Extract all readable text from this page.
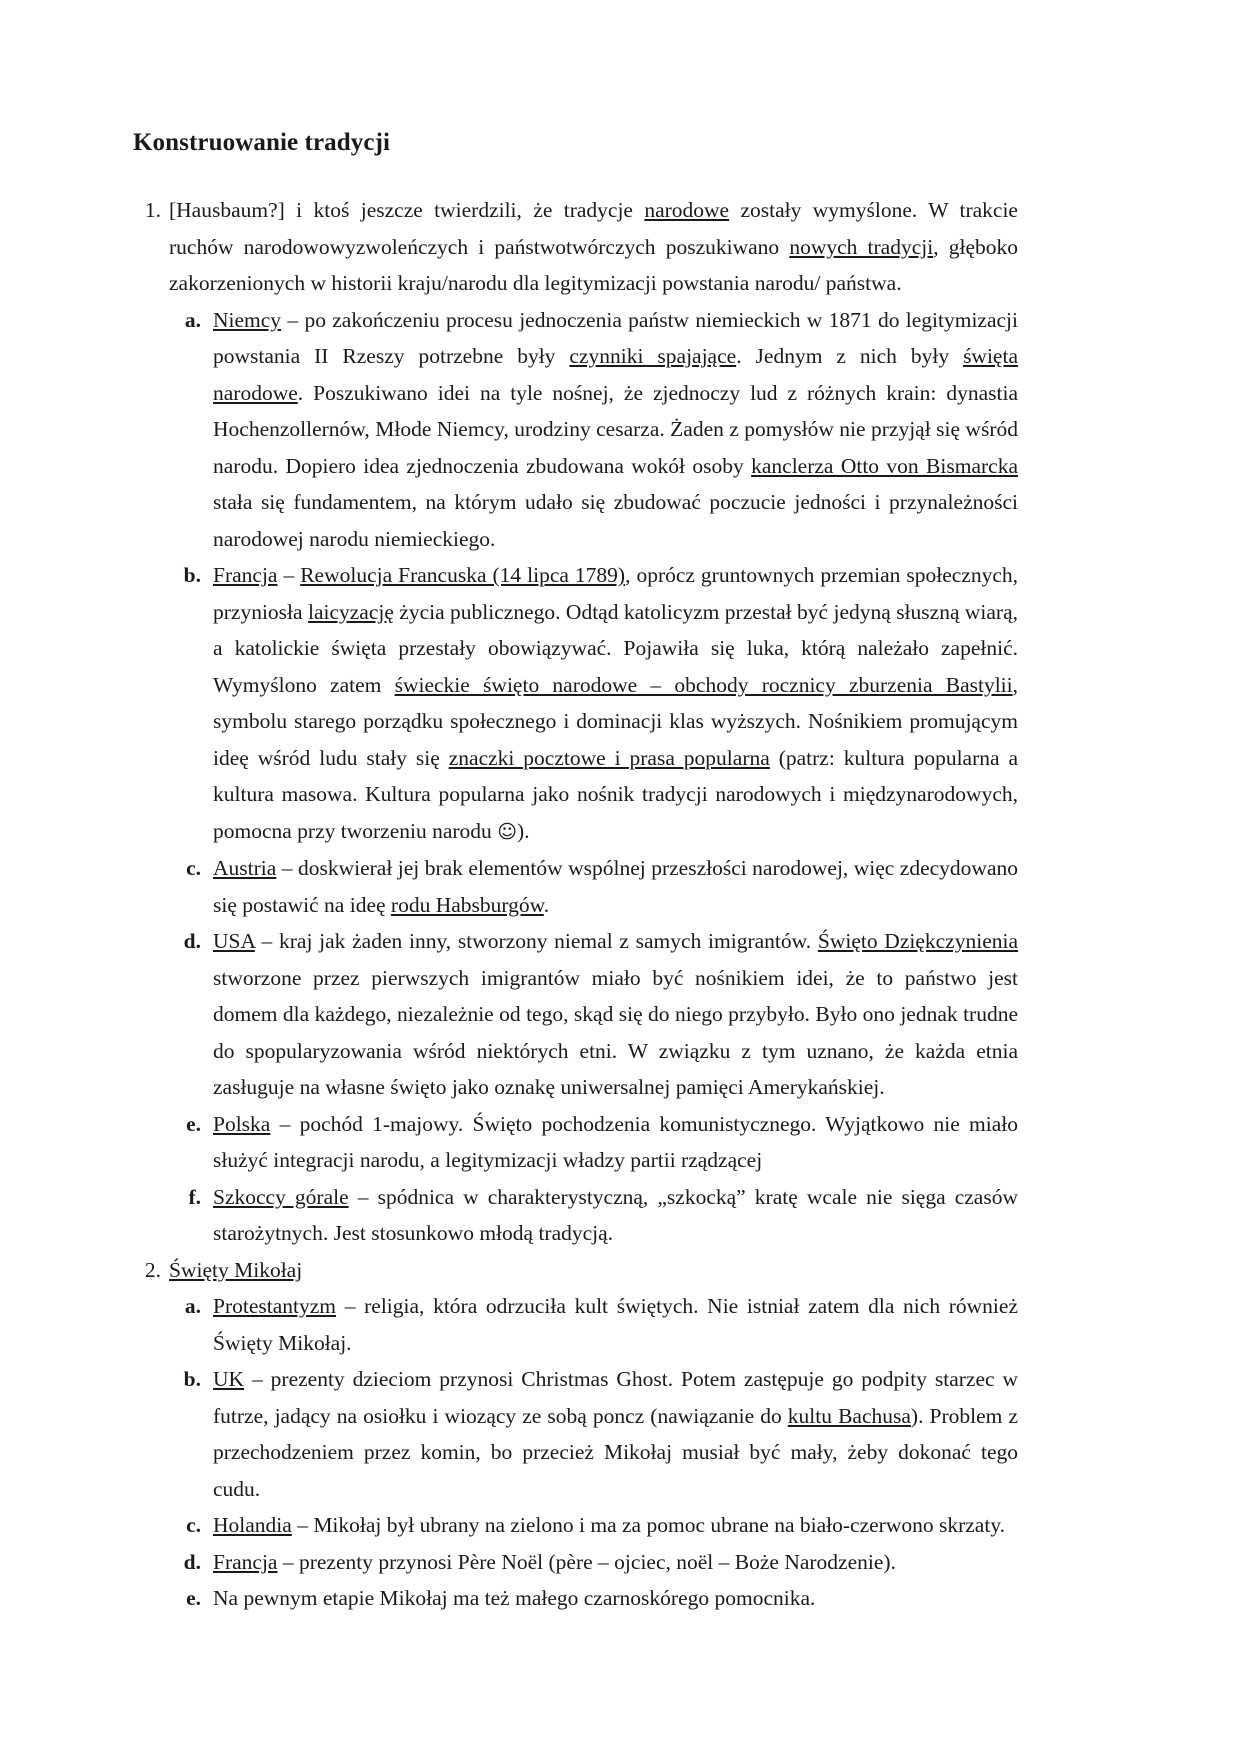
Konstruowanie tradycji

[Hausbaum?] i ktoś jeszcze twierdzili, że tradycje narodowe zostały wymyślone. W trakcie ruchów narodowowyzwoleńczych i państwotwórczych poszukiwano nowych tradycji, głęboko zakorzenionych w historii kraju/narodu dla legitymizacji powstania narodu/ państwa.

Niemcy – po zakończeniu procesu jednoczenia państw niemieckich w 1871 do legitymizacji powstania II Rzeszy potrzebne były czynniki spajające. Jednym z nich były święta narodowe. Poszukiwano idei na tyle nośnej, że zjednoczy lud z różnych krain: dynastia Hochenzollernów, Młode Niemcy, urodziny cesarza. Żaden z pomysłów nie przyjął się wśród narodu. Dopiero idea zjednoczenia zbudowana wokół osoby kanclerza Otto von Bismarcka stała się fundamentem, na którym udało się zbudować poczucie jedności i przynależności narodowej narodu niemieckiego.

Francja – Rewolucja Francuska (14 lipca 1789), oprócz gruntownych przemian społecznych, przyniosła laicyzację życia publicznego. Odtąd katolicyzm przestał być jedyną słuszną wiarą, a katolickie święta przestały obowiązywać. Pojawiła się luka, którą należało zapełnić. Wymyślono zatem świeckie święto narodowe – obchody rocznicy zburzenia Bastylii, symbolu starego porządku społecznego i dominacji klas wyższych. Nośnikiem promującym ideę wśród ludu stały się znaczki pocztowe i prasa popularna (patrz: kultura popularna a kultura masowa. Kultura popularna jako nośnik tradycji narodowych i międzynarodowych, pomocna przy tworzeniu narodu ☺).

Austria – doskwierał jej brak elementów wspólnej przeszłości narodowej, więc zdecydowano się postawić na ideę rodu Habsburgów.

USA – kraj jak żaden inny, stworzony niemal z samych imigrantów. Święto Dziękczynienia stworzone przez pierwszych imigrantów miało być nośnikiem idei, że to państwo jest domem dla każdego, niezależnie od tego, skąd się do niego przybyło. Było ono jednak trudne do spopularyzowania wśród niektórych etni. W związku z tym uznano, że każda etnia zasługuje na własne święto jako oznakę uniwersalnej pamięci Amerykańskiej.

Polska – pochód 1-majowy. Święto pochodzenia komunistycznego. Wyjątkowo nie miało służyć integracji narodu, a legitymizacji władzy partii rządzącej

Szkoccy górale – spódnica w charakterystyczną, „szkocką” kratę wcale nie sięga czasów starożytnych. Jest stosunkowo młodą tradycją.

Święty Mikołaj

Protestantyzm – religia, która odrzuciła kult świętych. Nie istniał zatem dla nich również Święty Mikołaj.

UK – prezenty dzieciom przynosi Christmas Ghost. Potem zastępuje go podpity starzec w futrze, jadący na osiołku i wiozący ze sobą poncz (nawiązanie do kultu Bachusa). Problem z przechodzeniem przez komin, bo przecież Mikołaj musiał być mały, żeby dokonać tego cudu.

Holandia – Mikołaj był ubrany na zielono i ma za pomoc ubrane na biało-czerwono skrzaty.

Francja – prezenty przynosi Père Noël (père – ojciec, noël – Boże Narodzenie).

Na pewnym etapie Mikołaj ma też małego czarnoskórego pomocnika.
